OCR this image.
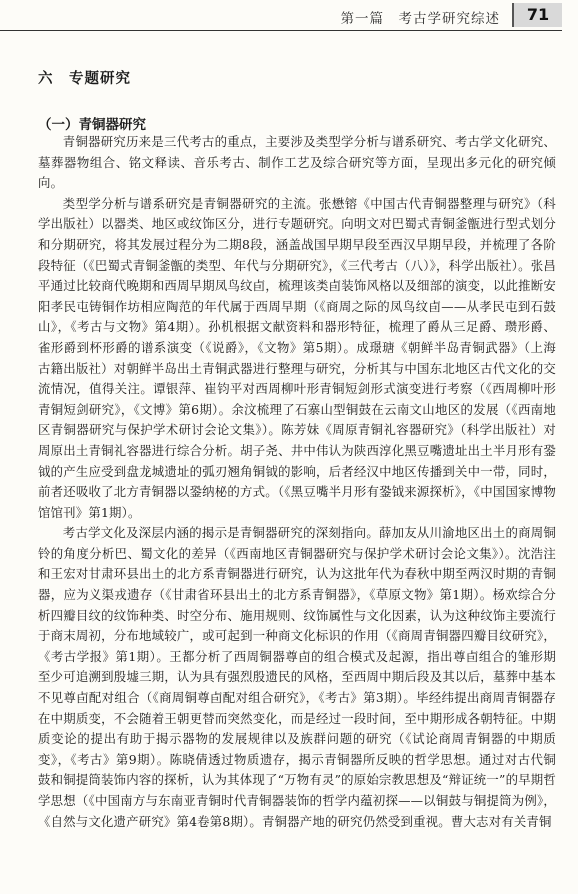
第一篇　考古学研究综述	71
六　专题研究
（一）青铜器研究

青铜器研究历来是三代考古的重点，主要涉及类型学分析与谱系研究、考古学文化研究、墓葬器物组合、铭文释读、音乐考古、制作工艺及综合研究等方面，呈现出多元化的研究倾向。

类型学分析与谱系研究是青铜器研究的主流。张懋镕《中国古代青铜器整理与研究》（科学出版社）以器类、地区或纹饰区分，进行专题研究。向明文对巴蜀式青铜釜甑进行型式划分和分期研究，将其发展过程分为二期8段，涵盖战国早期早段至西汉早期早段，并梳理了各阶段特征（《巴蜀式青铜釜甑的类型、年代与分期研究》，《三代考古（八）》，科学出版社）。张昌平通过比较商代晚期和西周早期凤鸟纹卣，梳理该类卣装饰风格以及细部的演变，以此推断安阳孝民屯铸铜作坊相应陶范的年代属于西周早期（《商周之际的凤鸟纹卣——从孝民屯到石鼓山》，《考古与文物》第4期）。孙机根据文献资料和器形特征，梳理了爵从三足爵、瓒形爵、雀形爵到杯形爵的谱系演变（《说爵》，《文物》第5期）。成璟瑭《朝鲜半岛青铜武器》（上海古籍出版社）对朝鲜半岛出土青铜武器进行整理与研究，分析其与中国东北地区古代文化的交流情况，值得关注。谭银萍、崔钧平对西周柳叶形青铜短剑形式演变进行考察（《西周柳叶形青铜短剑研究》，《文博》第6期）。余汶梳理了石寨山型铜鼓在云南文山地区的发展（《西南地区青铜器研究与保护学术研讨会论文集》）。陈芳妹《周原青铜礼容器研究》（科学出版社）对周原出土青铜礼容器进行综合分析。胡子尧、井中伟认为陕西淳化黑豆嘴遗址出土半月形有銎钺的产生应受到盘龙城遗址的弧刃翘角铜钺的影响，后者经汉中地区传播到关中一带，同时，前者还吸收了北方青铜器以銎纳柲的方式。（《黑豆嘴半月形有銎钺来源探析》，《中国国家博物馆馆刊》第1期）。

考古学文化及深层内涵的揭示是青铜器研究的深刻指向。薛加友从川渝地区出土的商周铜铃的角度分析巴、蜀文化的差异（《西南地区青铜器研究与保护学术研讨会论文集》）。沈浩注和王宏对甘肃环县出土的北方系青铜器进行研究，认为这批年代为春秋中期至两汉时期的青铜器，应为义渠戎遗存（《甘肃省环县出土的北方系青铜器》，《草原文物》第1期）。杨欢综合分析四瓣目纹的纹饰种类、时空分布、施用规则、纹饰属性与文化因素，认为这种纹饰主要流行于商末周初，分布地域较广，或可起到一种商文化标识的作用（《商周青铜器四瓣目纹研究》，《考古学报》第1期）。王都分析了西周铜器尊卣的组合模式及起源，指出尊卣组合的雏形期至少可追溯到殷墟三期，认为具有强烈殷遗民的风格，至西周中期后段及其以后，墓葬中基本不见尊卣配对组合（《商周铜尊卣配对组合研究》，《考古》第3期）。毕经纬提出商周青铜器存在中期质变，不会随着王朝更替而突然变化，而是经过一段时间，至中期形成各朝特征。中期质变论的提出有助于揭示器物的发展规律以及族群问题的研究（《试论商周青铜器的中期质变》，《考古》第9期）。陈晓倩透过物质遗存，揭示青铜器所反映的哲学思想。通过对古代铜鼓和铜提筒装饰内容的探析，认为其体现了“万物有灵”的原始宗教思想及“辩证统一”的早期哲学思想（《中国南方与东南亚青铜时代青铜器装饰的哲学内蕴初探——以铜鼓与铜提筒为例》，《自然与文化遗产研究》第4卷第8期）。青铜器产地的研究仍然受到重视。曹大志对有关青铜
